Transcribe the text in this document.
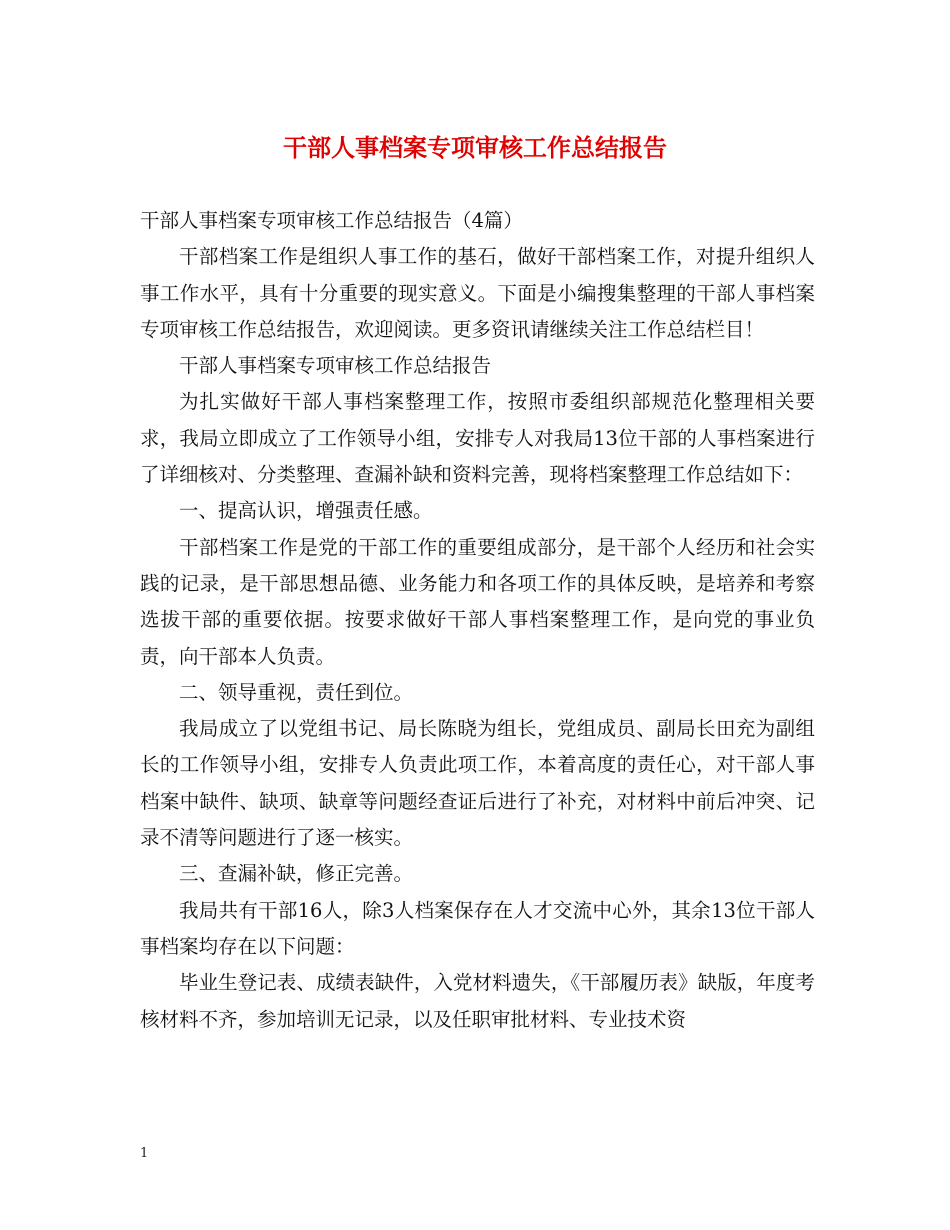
干部人事档案专项审核工作总结报告

干部人事档案专项审核工作总结报告（4篇）

干部档案工作是组织人事工作的基石，做好干部档案工作，对提升组织人事工作水平，具有十分重要的现实意义。下面是小编搜集整理的干部人事档案专项审核工作总结报告，欢迎阅读。更多资讯请继续关注工作总结栏目！

干部人事档案专项审核工作总结报告

为扎实做好干部人事档案整理工作，按照市委组织部规范化整理相关要求，我局立即成立了工作领导小组，安排专人对我局13位干部的人事档案进行了详细核对、分类整理、查漏补缺和资料完善，现将档案整理工作总结如下：

一、提高认识，增强责任感。

干部档案工作是党的干部工作的重要组成部分，是干部个人经历和社会实践的记录，是干部思想品德、业务能力和各项工作的具体反映，是培养和考察选拔干部的重要依据。按要求做好干部人事档案整理工作，是向党的事业负责，向干部本人负责。

二、领导重视，责任到位。

我局成立了以党组书记、局长陈晓为组长，党组成员、副局长田充为副组长的工作领导小组，安排专人负责此项工作，本着高度的责任心，对干部人事档案中缺件、缺项、缺章等问题经查证后进行了补充，对材料中前后冲突、记录不清等问题进行了逐一核实。

三、查漏补缺，修正完善。

我局共有干部16人，除3人档案保存在人才交流中心外，其余13位干部人事档案均存在以下问题：

毕业生登记表、成绩表缺件，入党材料遗失，《干部履历表》缺版，年度考核材料不齐，参加培训无记录，以及任职审批材料、专业技术资

1
